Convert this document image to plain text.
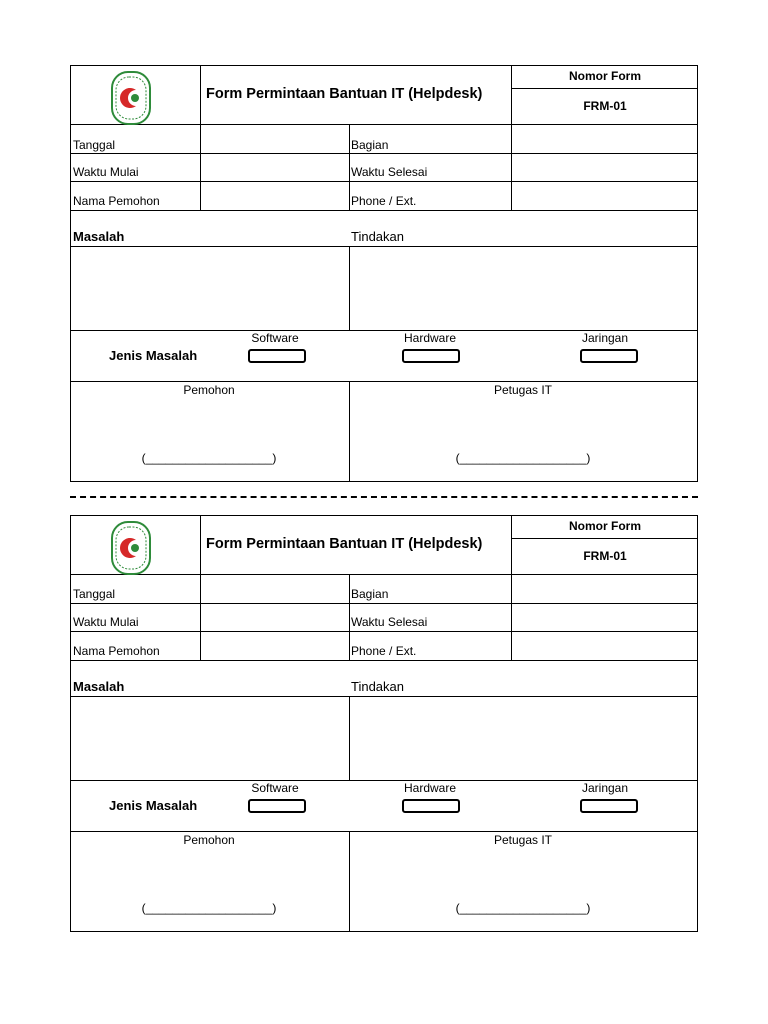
Form Permintaan Bantuan IT (Helpdesk)
Nomor Form
FRM-01
Tanggal	Bagian
Waktu Mulai	Waktu Selesai
Nama Pemohon	Phone / Ext.
Masalah	Tindakan
Jenis Masalah
Software	Hardware	Jaringan
Pemohon	Petugas IT
(___________________)	(___________________)
Form Permintaan Bantuan IT (Helpdesk)
Nomor Form
FRM-01
Tanggal	Bagian
Waktu Mulai	Waktu Selesai
Nama Pemohon	Phone / Ext.
Masalah	Tindakan
Jenis Masalah
Software	Hardware	Jaringan
Pemohon	Petugas IT
(___________________)	(___________________)
